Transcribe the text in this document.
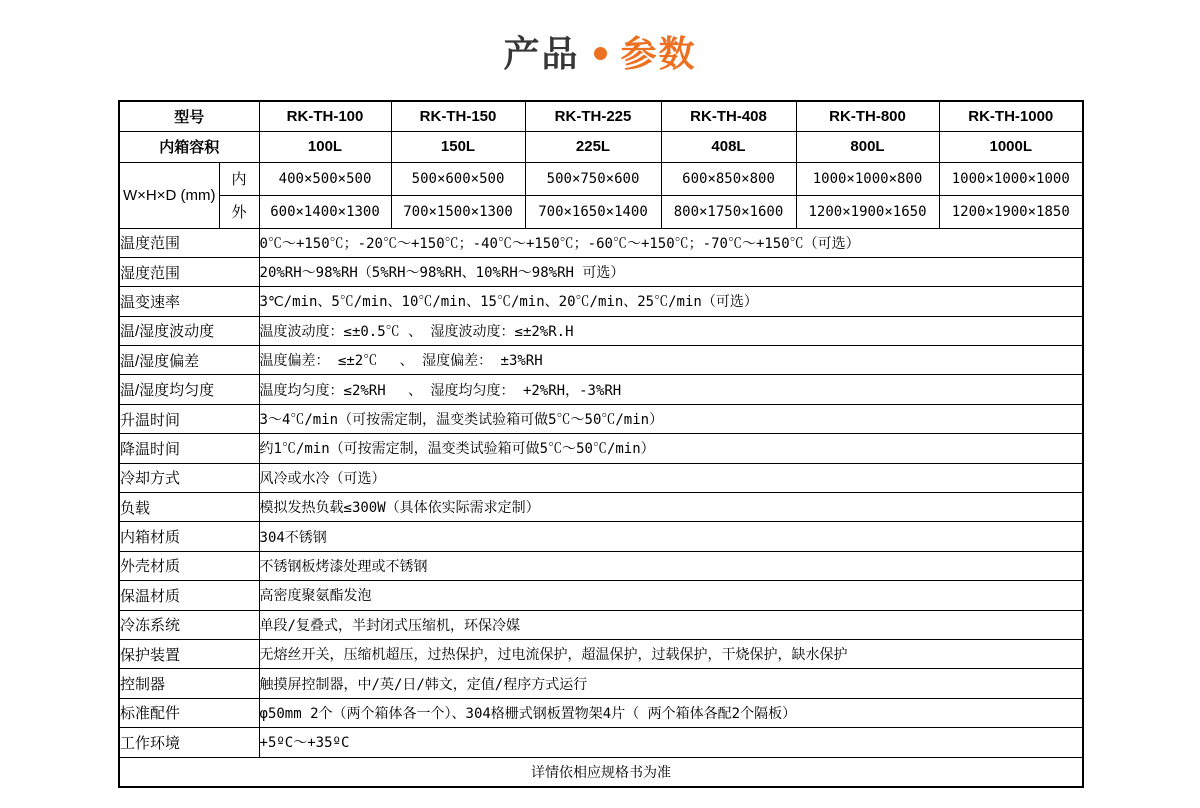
产品 参数
型号		RK-TH-100	RK-TH-150	RK-TH-225	RK-TH-408	RK-TH-800	RK-TH-1000
内箱容积		100L	150L	225L	408L	800L	1000L
W×H×D (mm)	内	400×500×500	500×600×500	500×750×600	600×850×800	1000×1000×800	1000×1000×1000
	外	600×1400×1300	700×1500×1300	700×1650×1400	800×1750×1600	1200×1900×1650	1200×1900×1850
温度范围		0℃～+150℃；-20℃～+150℃；-40℃～+150℃；-60℃～+150℃；-70℃～+150℃（可选）					
湿度范围		20%RH～98%RH（5%RH～98%RH、10%RH～98%RH 可选）					
温变速率		3℃/min、5℃/min、10℃/min、15℃/min、20℃/min、25℃/min（可选）					
温/湿度波动度		温度波动度：≤±0.5℃ 、 湿度波动度：≤±2%R.H					
温/湿度偏差		温度偏差： ≤±2℃　 、 湿度偏差： ±3%RH					
温/湿度均匀度		温度均匀度：≤2%RH　 、 湿度均匀度： +2%RH，-3%RH					
升温时间		3～4℃/min（可按需定制，温变类试验箱可做5℃～50℃/min）					
降温时间		约1℃/min（可按需定制，温变类试验箱可做5℃～50℃/min）					
冷却方式		风冷或水冷（可选）					
负载		模拟发热负载≤300W（具体依实际需求定制）					
内箱材质		304不锈钢					
外壳材质		不锈钢板烤漆处理或不锈钢					
保温材质		高密度聚氨酯发泡					
冷冻系统		单段/复叠式，半封闭式压缩机，环保冷媒					
保护装置		无熔丝开关，压缩机超压，过热保护，过电流保护，超温保护，过载保护，干烧保护，缺水保护					
控制器		触摸屏控制器，中/英/日/韩文，定值/程序方式运行					
标准配件		φ50mm 2个（两个箱体各一个）、304格栅式钢板置物架4片（ 两个箱体各配2个隔板）					
工作环境		+5ºC～+35ºC					
详情依相应规格书为准							
